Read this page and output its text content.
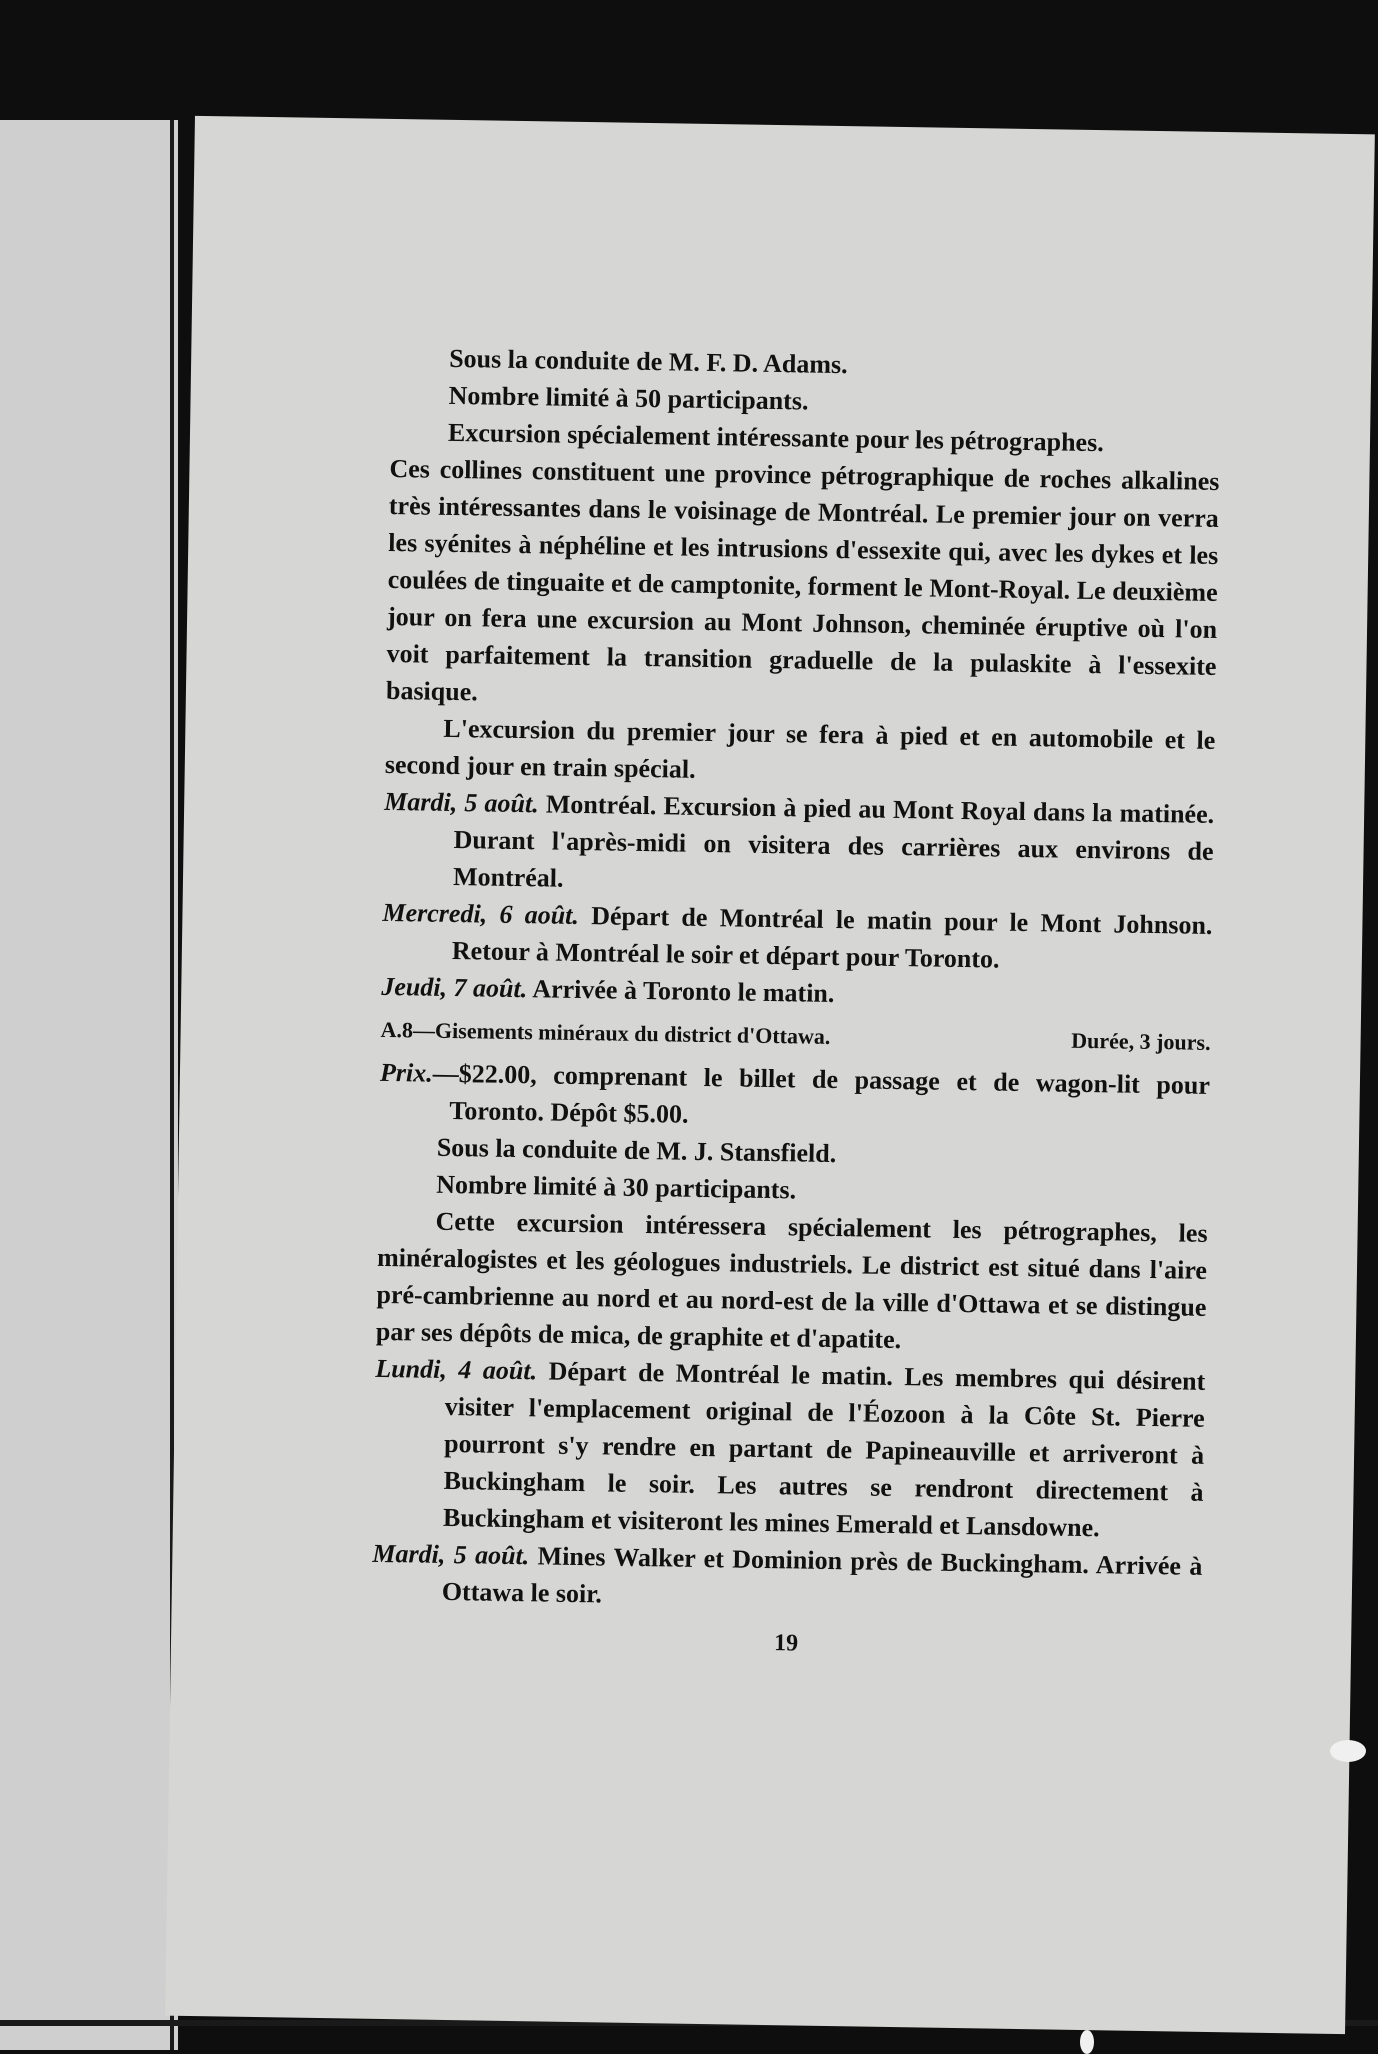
Sous la conduite de M. F. D. Adams.

Nombre limité à 50 participants.

Excursion spécialement intéressante pour les pétrographes.

Ces collines constituent une province pétrographique de roches alkalines très intéressantes dans le voisinage de Montréal. Le premier jour on verra les syénites à néphéline et les intrusions d'essexite qui, avec les dykes et les coulées de tinguaite et de camptonite, forment le Mont-Royal. Le deuxième jour on fera une excursion au Mont Johnson, cheminée éruptive où l'on voit parfaitement la transition graduelle de la pulaskite à l'essexite basique.

L'excursion du premier jour se fera à pied et en automobile et le second jour en train spécial.

Mardi, 5 août. Montréal. Excursion à pied au Mont Royal dans la matinée. Durant l'après-midi on visitera des carrières aux environs de Montréal.

Mercredi, 6 août. Départ de Montréal le matin pour le Mont Johnson. Retour à Montréal le soir et départ pour Toronto.

Jeudi, 7 août. Arrivée à Toronto le matin.

A.8—Gisements minéraux du district d'Ottawa.	Durée, 3 jours.

Prix.—$22.00, comprenant le billet de passage et de wagon-lit pour Toronto. Dépôt $5.00.

Sous la conduite de M. J. Stansfield.

Nombre limité à 30 participants.

Cette excursion intéressera spécialement les pétrographes, les minéralogistes et les géologues industriels. Le district est situé dans l'aire pré-cambrienne au nord et au nord-est de la ville d'Ottawa et se distingue par ses dépôts de mica, de graphite et d'apatite.

Lundi, 4 août. Départ de Montréal le matin. Les membres qui désirent visiter l'emplacement original de l'Éozoon à la Côte St. Pierre pourront s'y rendre en partant de Papineauville et arriveront à Buckingham le soir. Les autres se rendront directement à Buckingham et visiteront les mines Emerald et Lansdowne.

Mardi, 5 août. Mines Walker et Dominion près de Buckingham. Arrivée à Ottawa le soir.

19
